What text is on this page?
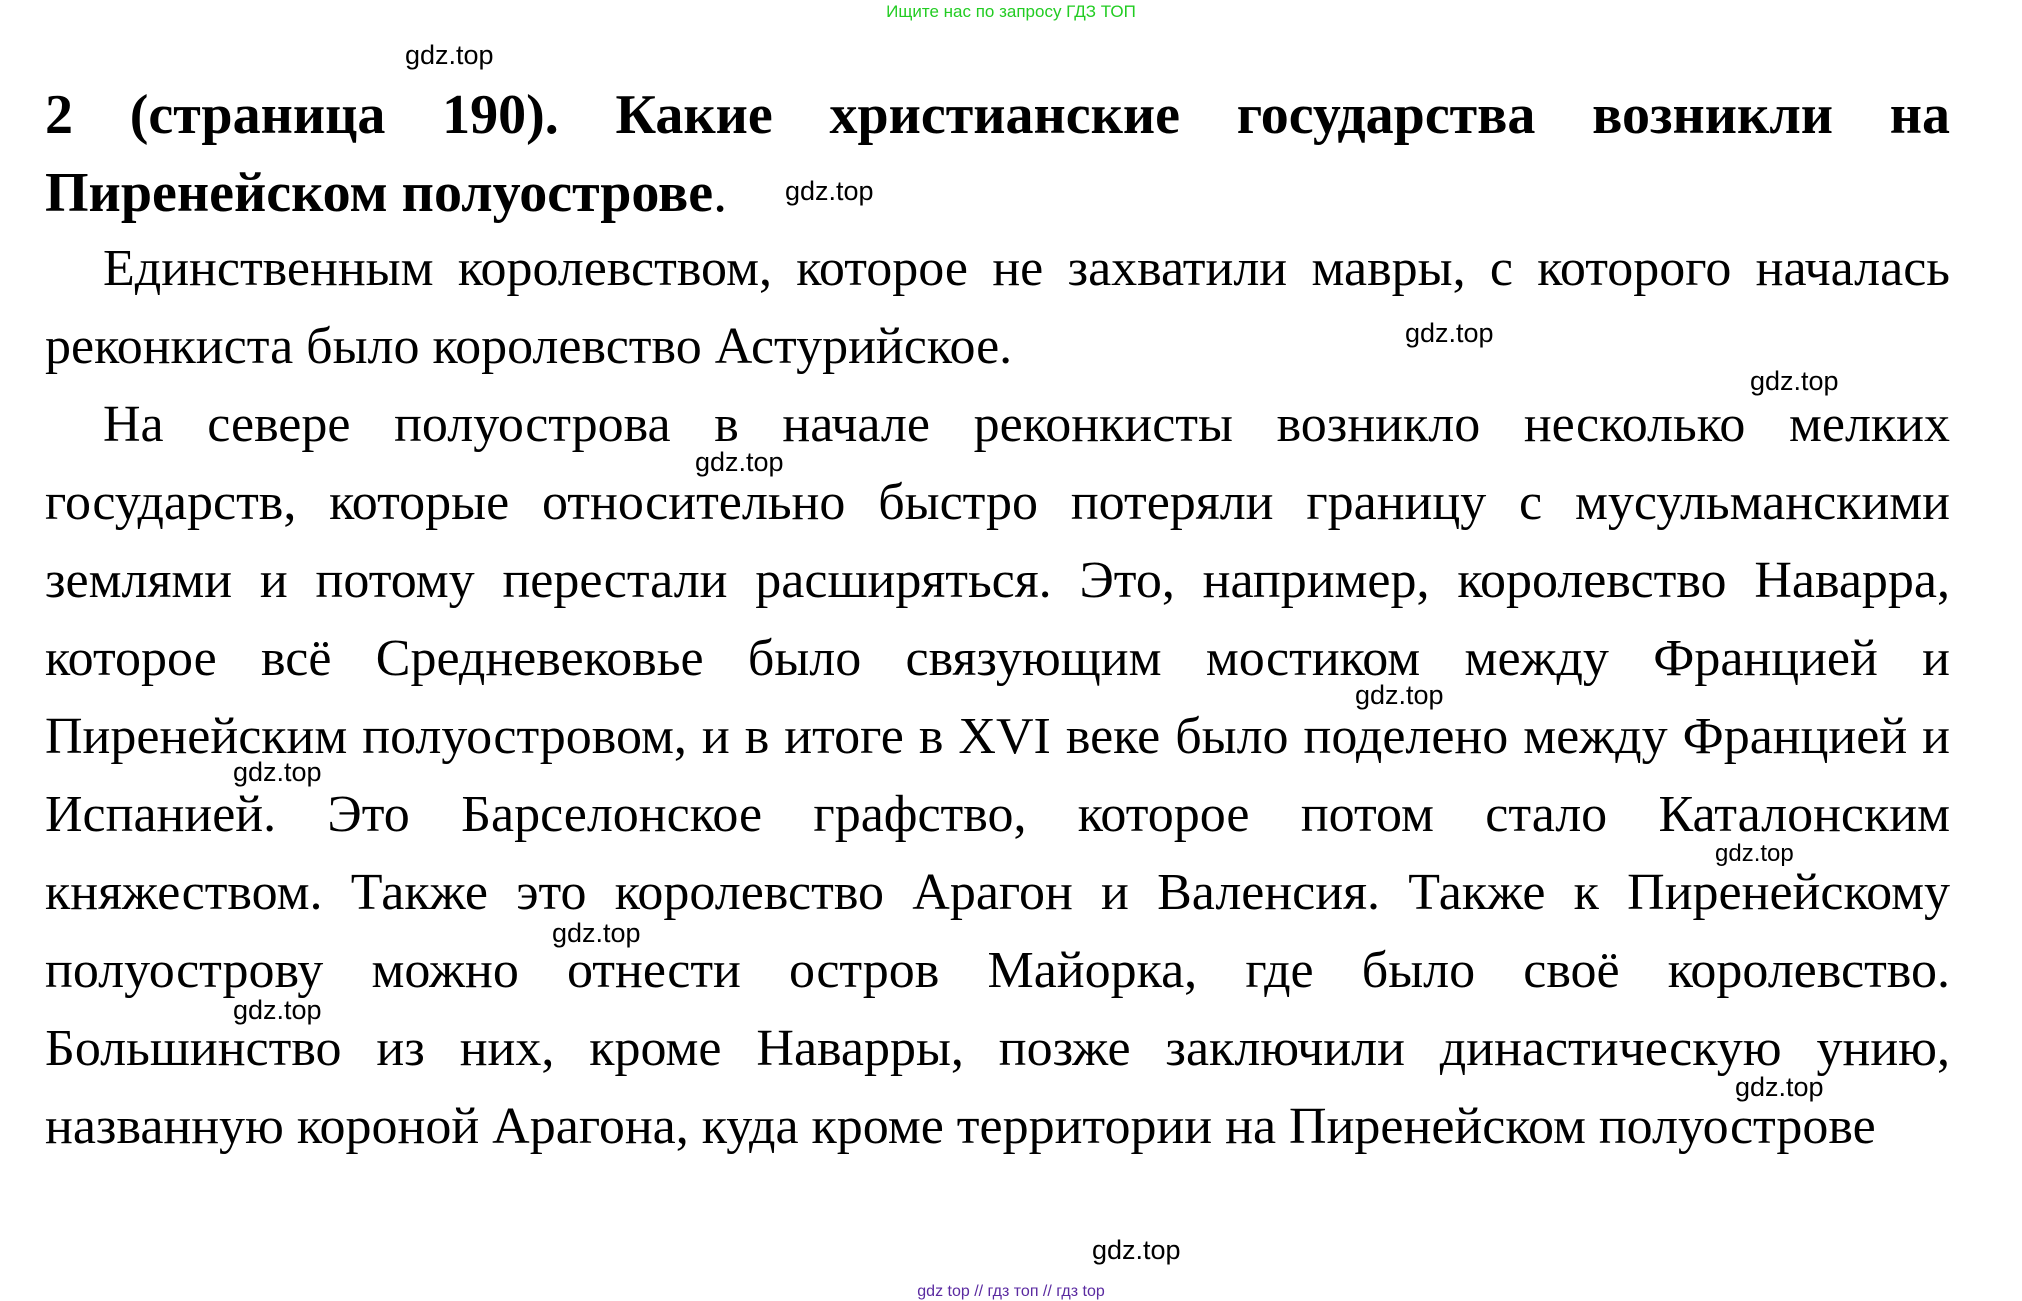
Ищите нас по запросу ГДЗ ТОП
2 (страница 190). Какие христианские государства возникли на Пиренейском полуострове.
Единственным королевством, которое не захватили мавры, с которого началась реконкиста было королевство Астурийское.
На севере полуострова в начале реконкисты возникло несколько мелких государств, которые относительно быстро потеряли границу с мусульманскими землями и потому перестали расширяться. Это, например, королевство Наварра, которое всё Средневековье было связующим мостиком между Францией и Пиренейским полуостровом, и в итоге в XVI веке было поделено между Францией и Испанией. Это Барселонское графство, которое потом стало Каталонским княжеством. Также это королевство Арагон и Валенсия. Также к Пиренейскому полуострову можно отнести остров Майорка, где было своё королевство. Большинство из них, кроме Наварры, позже заключили династическую унию, названную короной Арагона, куда кроме территории на Пиренейском полуострове
gdz.top
gdz.top
gdz.top
gdz.top
gdz.top
gdz.top
gdz.top
gdz.top
gdz.top
gdz.top
gdz.top
gdz.top
gdz top // гдз топ // гдз top
